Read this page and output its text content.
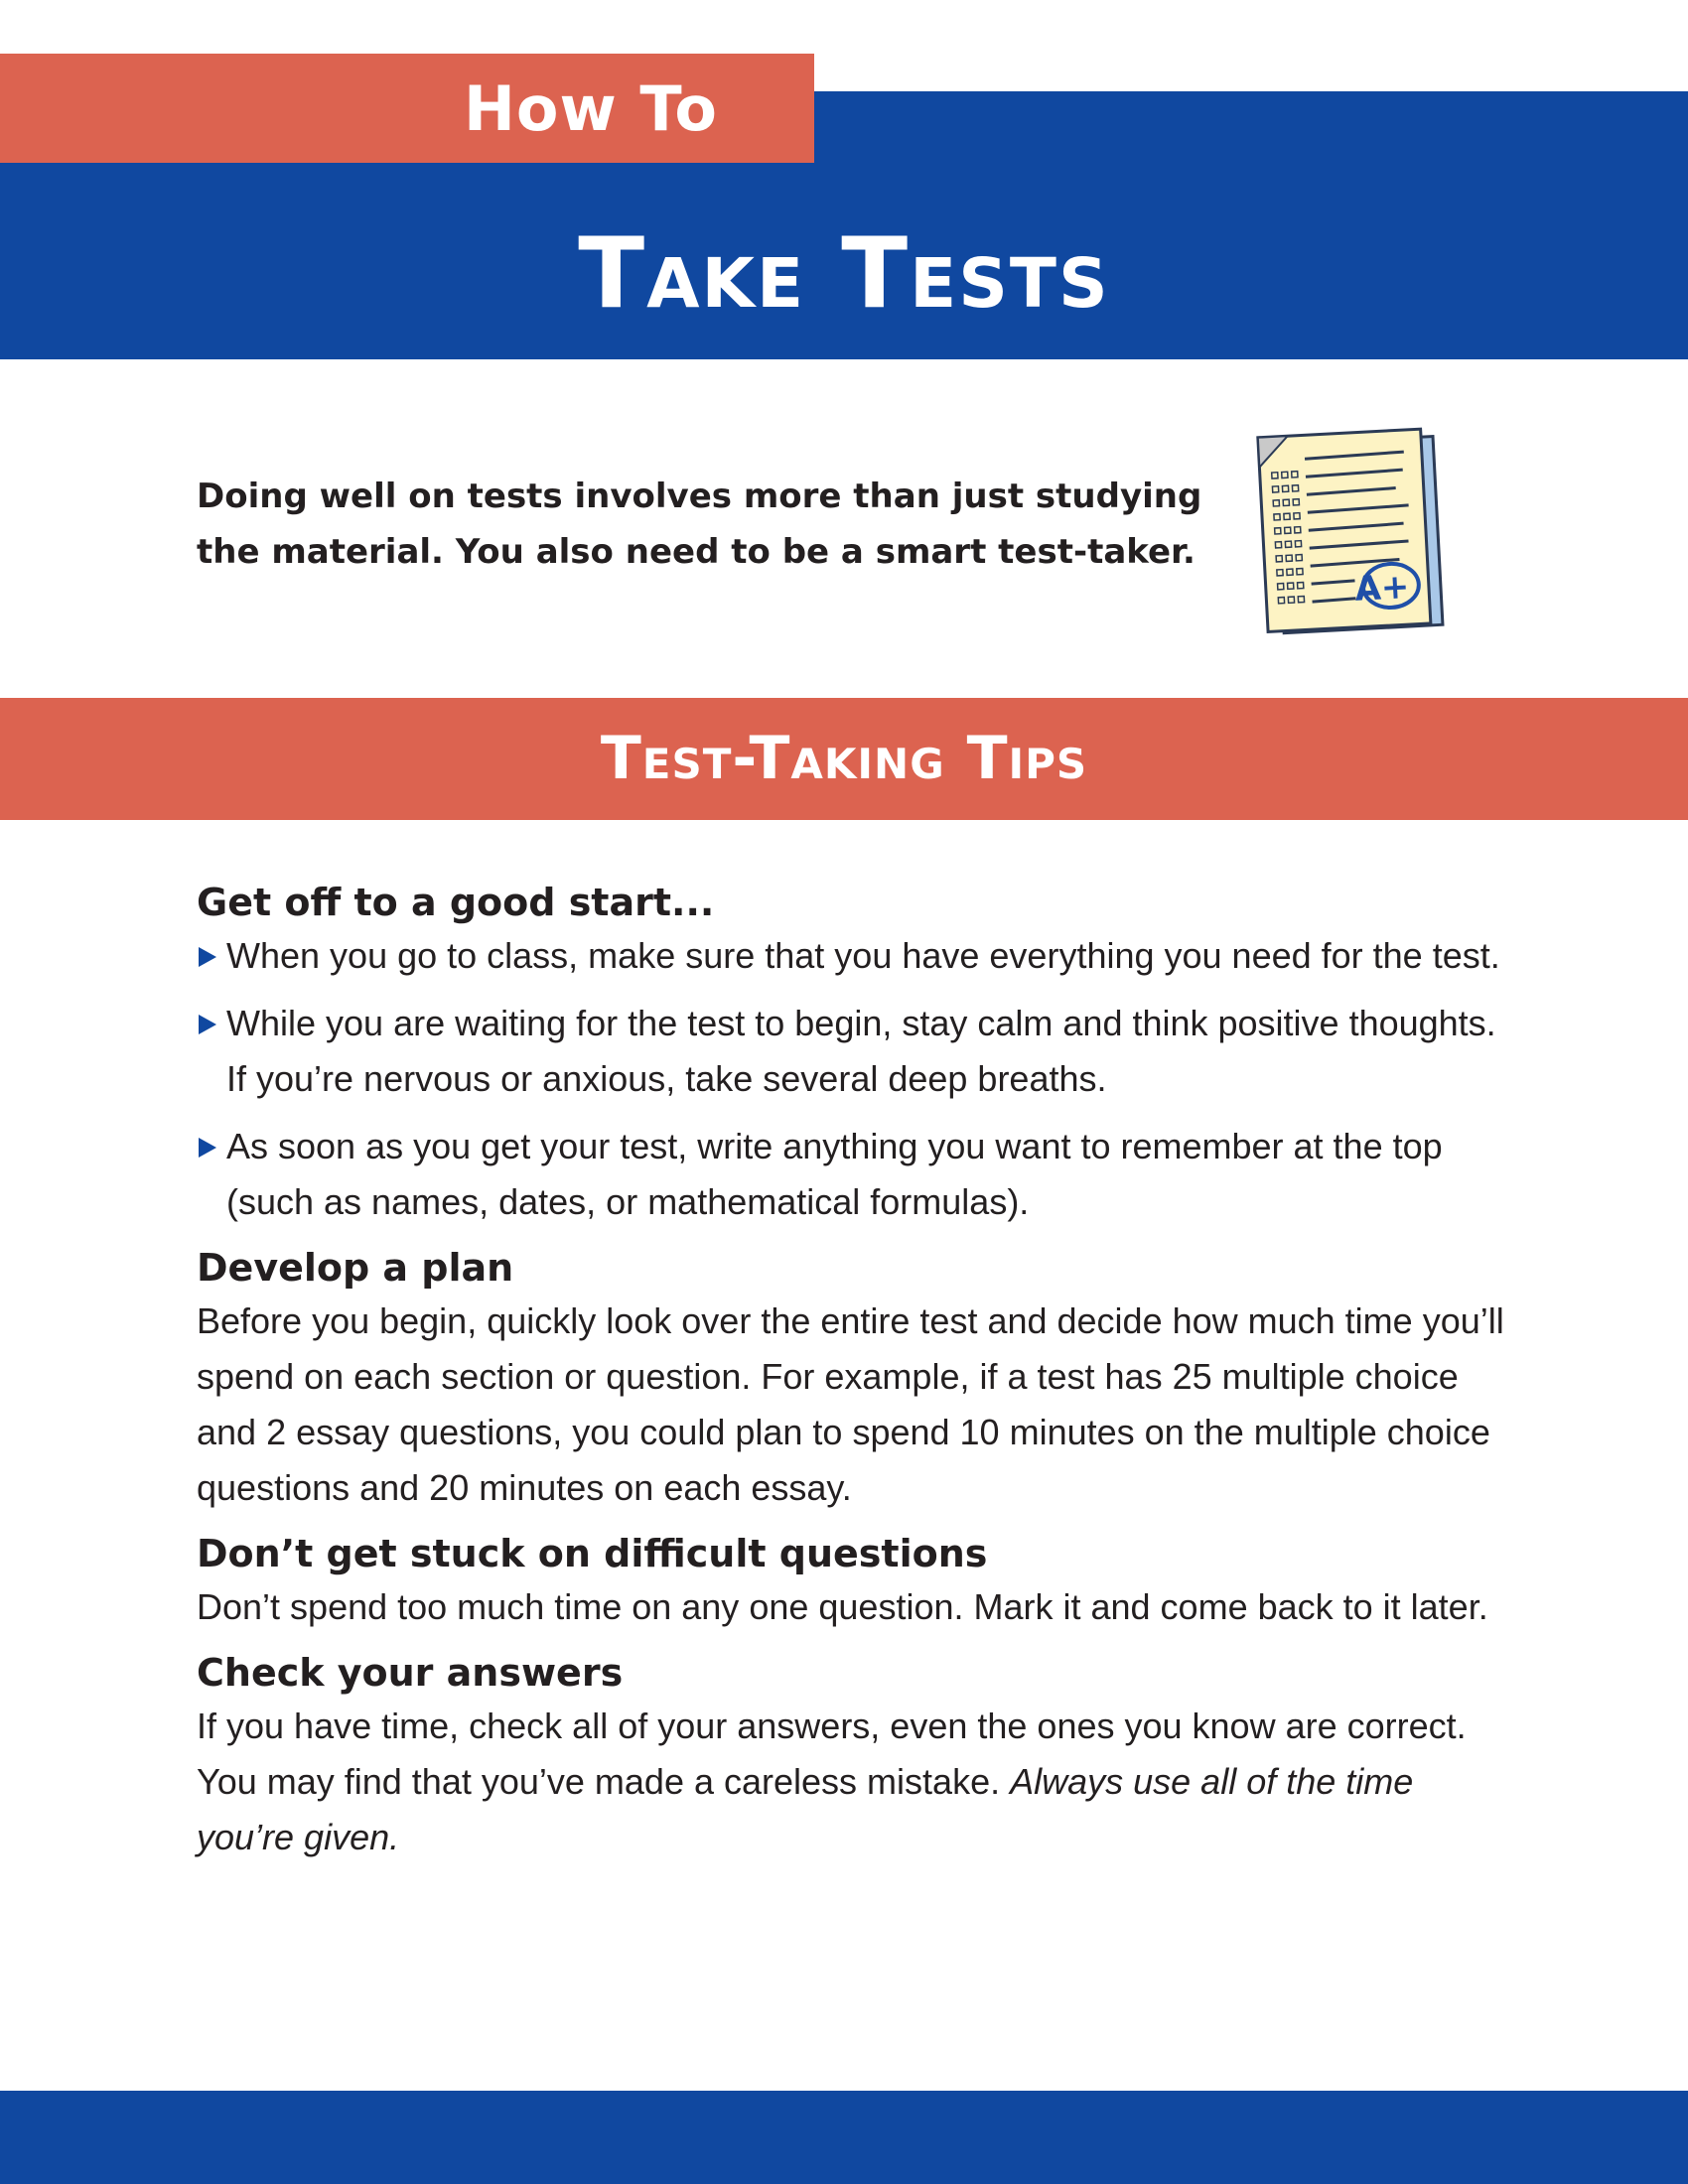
How To
Take Tests
Doing well on tests involves more than just studying the material. You also need to be a smart test-taker.
A+
Test-Taking Tips
Get off to a good start...
When you go to class, make sure that you have everything you need for the test.
While you are waiting for the test to begin, stay calm and think positive thoughts. If you’re nervous or anxious, take several deep breaths.
As soon as you get your test, write anything you want to remember at the top (such as names, dates, or mathematical formulas).
Develop a plan

Before you begin, quickly look over the entire test and decide how much time you’ll spend on each section or question. For example, if a test has 25 multiple choice and 2 essay questions, you could plan to spend 10 minutes on the multiple choice questions and 20 minutes on each essay.

Don’t get stuck on difficult questions

Don’t spend too much time on any one question. Mark it and come back to it later.

Check your answers

If you have time, check all of your answers, even the ones you know are correct. You may find that you’ve made a careless mistake. Always use all of the time you’re given.
